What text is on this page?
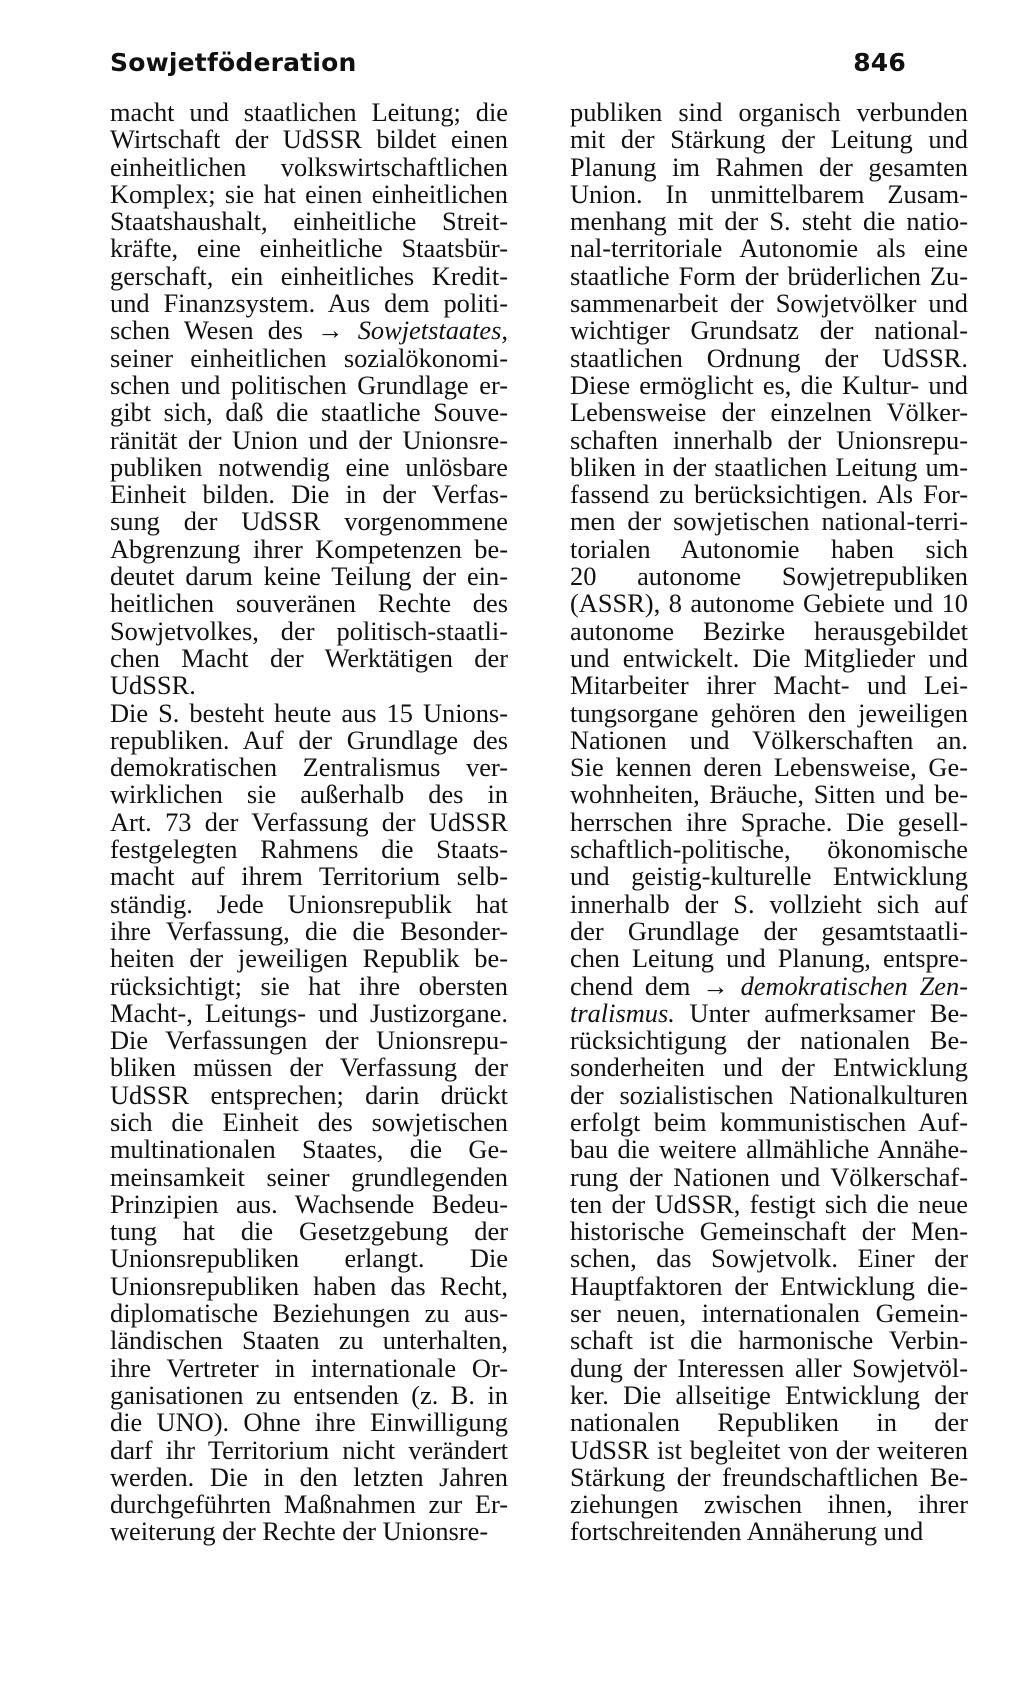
Sowjetföderation	846
macht und staatlichen Leitung; die
Wirtschaft der UdSSR bildet einen
einheitlichen volkswirtschaftlichen
Komplex; sie hat einen einheitlichen
Staatshaushalt, einheitliche Streit-
kräfte, eine einheitliche Staatsbür-
gerschaft, ein einheitliches Kredit-
und Finanzsystem. Aus dem politi-
schen Wesen des → Sowjetstaates,
seiner einheitlichen sozialökonomi-
schen und politischen Grundlage er-
gibt sich, daß die staatliche Souve-
ränität der Union und der Unionsre-
publiken notwendig eine unlösbare
Einheit bilden. Die in der Verfas-
sung der UdSSR vorgenommene
Abgrenzung ihrer Kompetenzen be-
deutet darum keine Teilung der ein-
heitlichen souveränen Rechte des
Sowjetvolkes, der politisch-staatli-
chen Macht der Werktätigen der
UdSSR.
Die S. besteht heute aus 15 Unions-
republiken. Auf der Grundlage des
demokratischen Zentralismus ver-
wirklichen sie außerhalb des in
Art. 73 der Verfassung der UdSSR
festgelegten Rahmens die Staats-
macht auf ihrem Territorium selb-
ständig. Jede Unionsrepublik hat
ihre Verfassung, die die Besonder-
heiten der jeweiligen Republik be-
rücksichtigt; sie hat ihre obersten
Macht-, Leitungs- und Justizorgane.
Die Verfassungen der Unionsrepu-
bliken müssen der Verfassung der
UdSSR entsprechen; darin drückt
sich die Einheit des sowjetischen
multinationalen Staates, die Ge-
meinsamkeit seiner grundlegenden
Prinzipien aus. Wachsende Bedeu-
tung hat die Gesetzgebung der
Unionsrepubliken erlangt. Die
Unionsrepubliken haben das Recht,
diplomatische Beziehungen zu aus-
ländischen Staaten zu unterhalten,
ihre Vertreter in internationale Or-
ganisationen zu entsenden (z. B. in
die UNO). Ohne ihre Einwilligung
darf ihr Territorium nicht verändert
werden. Die in den letzten Jahren
durchgeführten Maßnahmen zur Er-
weiterung der Rechte der Unionsre-
publiken sind organisch verbunden
mit der Stärkung der Leitung und
Planung im Rahmen der gesamten
Union. In unmittelbarem Zusam-
menhang mit der S. steht die natio-
nal-territoriale Autonomie als eine
staatliche Form der brüderlichen Zu-
sammenarbeit der Sowjetvölker und
wichtiger Grundsatz der national-
staatlichen Ordnung der UdSSR.
Diese ermöglicht es, die Kultur- und
Lebensweise der einzelnen Völker-
schaften innerhalb der Unionsrepu-
bliken in der staatlichen Leitung um-
fassend zu berücksichtigen. Als For-
men der sowjetischen national-terri-
torialen Autonomie haben sich
20 autonome Sowjetrepubliken
(ASSR), 8 autonome Gebiete und 10
autonome Bezirke herausgebildet
und entwickelt. Die Mitglieder und
Mitarbeiter ihrer Macht- und Lei-
tungsorgane gehören den jeweiligen
Nationen und Völkerschaften an.
Sie kennen deren Lebensweise, Ge-
wohnheiten, Bräuche, Sitten und be-
herrschen ihre Sprache. Die gesell-
schaftlich-politische, ökonomische
und geistig-kulturelle Entwicklung
innerhalb der S. vollzieht sich auf
der Grundlage der gesamtstaatli-
chen Leitung und Planung, entspre-
chend dem → demokratischen Zen-
tralismus. Unter aufmerksamer Be-
rücksichtigung der nationalen Be-
sonderheiten und der Entwicklung
der sozialistischen Nationalkulturen
erfolgt beim kommunistischen Auf-
bau die weitere allmähliche Annähe-
rung der Nationen und Völkerschaf-
ten der UdSSR, festigt sich die neue
historische Gemeinschaft der Men-
schen, das Sowjetvolk. Einer der
Hauptfaktoren der Entwicklung die-
ser neuen, internationalen Gemein-
schaft ist die harmonische Verbin-
dung der Interessen aller Sowjetvöl-
ker. Die allseitige Entwicklung der
nationalen Republiken in der
UdSSR ist begleitet von der weiteren
Stärkung der freundschaftlichen Be-
ziehungen zwischen ihnen, ihrer
fortschreitenden Annäherung und
